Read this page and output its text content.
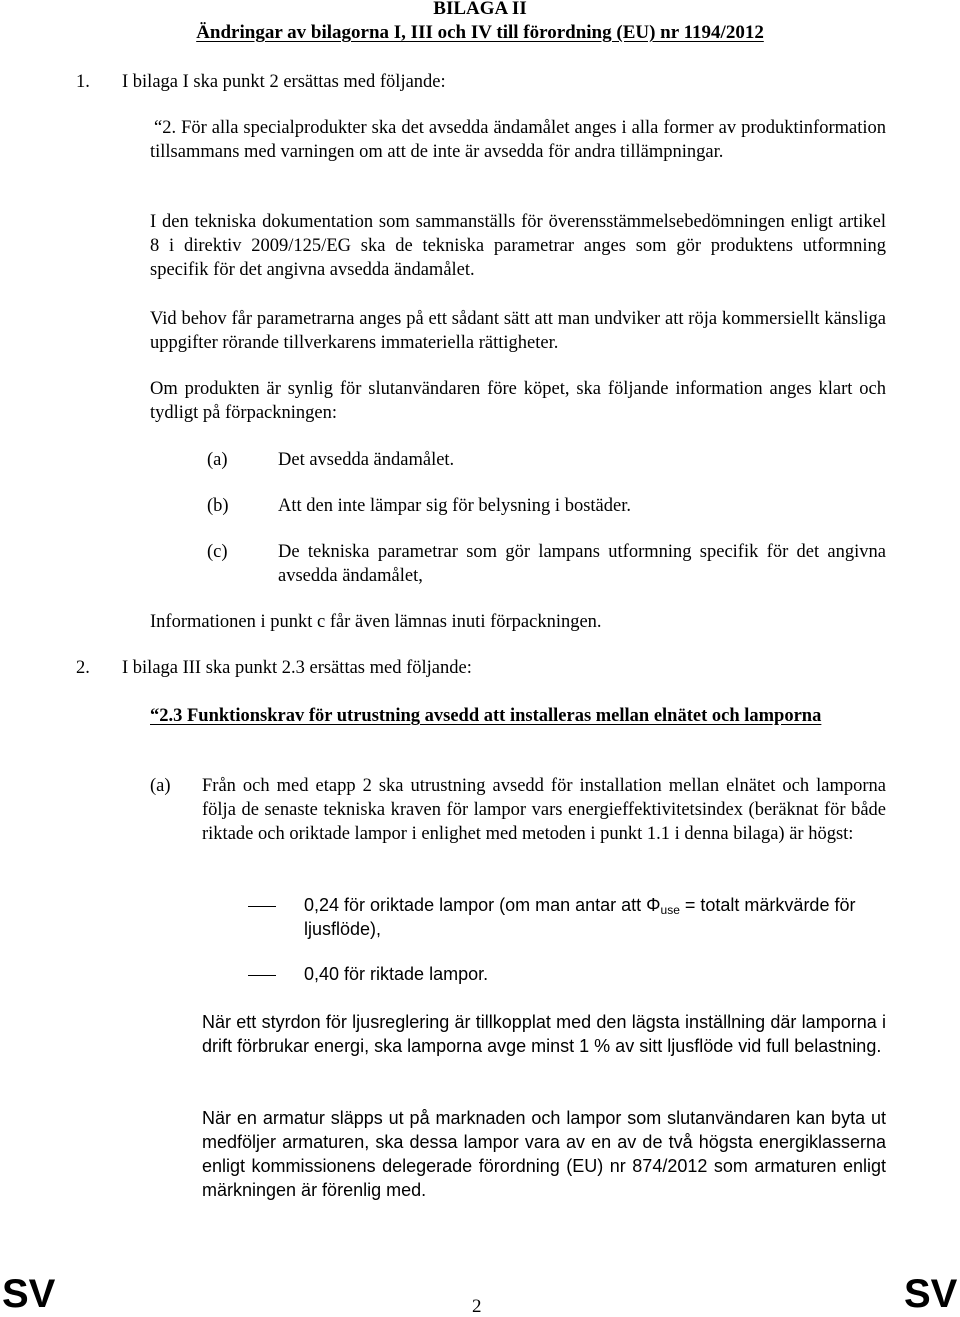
BILAGA II
Ändringar av bilagorna I, III och IV till förordning (EU) nr 1194/2012
1. I bilaga I ska punkt 2 ersättas med följande:
“2. För alla specialprodukter ska det avsedda ändamålet anges i alla former av produktinformation tillsammans med varningen om att de inte är avsedda för andra tillämpningar.
I den tekniska dokumentation som sammanställs för överensstämmelsebedömningen enligt artikel 8 i direktiv 2009/125/EG ska de tekniska parametrar anges som gör produktens utformning specifik för det angivna avsedda ändamålet.
Vid behov får parametrarna anges på ett sådant sätt att man undviker att röja kommersiellt känsliga uppgifter rörande tillverkarens immateriella rättigheter.
Om produkten är synlig för slutanvändaren före köpet, ska följande information anges klart och tydligt på förpackningen:
(a)	Det avsedda ändamålet.
(b)	Att den inte lämpar sig för belysning i bostäder.
(c)	De tekniska parametrar som gör lampans utformning specifik för det angivna avsedda ändamålet,
Informationen i punkt c får även lämnas inuti förpackningen.
2. I bilaga III ska punkt 2.3 ersättas med följande:
“2.3 Funktionskrav för utrustning avsedd att installeras mellan elnätet och lamporna
(a) Från och med etapp 2 ska utrustning avsedd för installation mellan elnätet och lamporna följa de senaste tekniska kraven för lampor vars energieffektivitetsindex (beräknat för både riktade och oriktade lampor i enlighet med metoden i punkt 1.1 i denna bilaga) är högst:
0,24 för oriktade lampor (om man antar att $\Phi_{use}$ = totalt märkvärde för ljusflöde),
0,40 för riktade lampor.
När ett styrdon för ljusreglering är tillkopplat med den lägsta inställning där lamporna i drift förbrukar energi, ska lamporna avge minst 1 % av sitt ljusflöde vid full belastning.
När en armatur släpps ut på marknaden och lampor som slutanvändaren kan byta ut medföljer armaturen, ska dessa lampor vara av en av de två högsta energiklasserna enligt kommissionens delegerade förordning (EU) nr 874/2012 som armaturen enligt märkningen är förenlig med.
SV	2	SV
